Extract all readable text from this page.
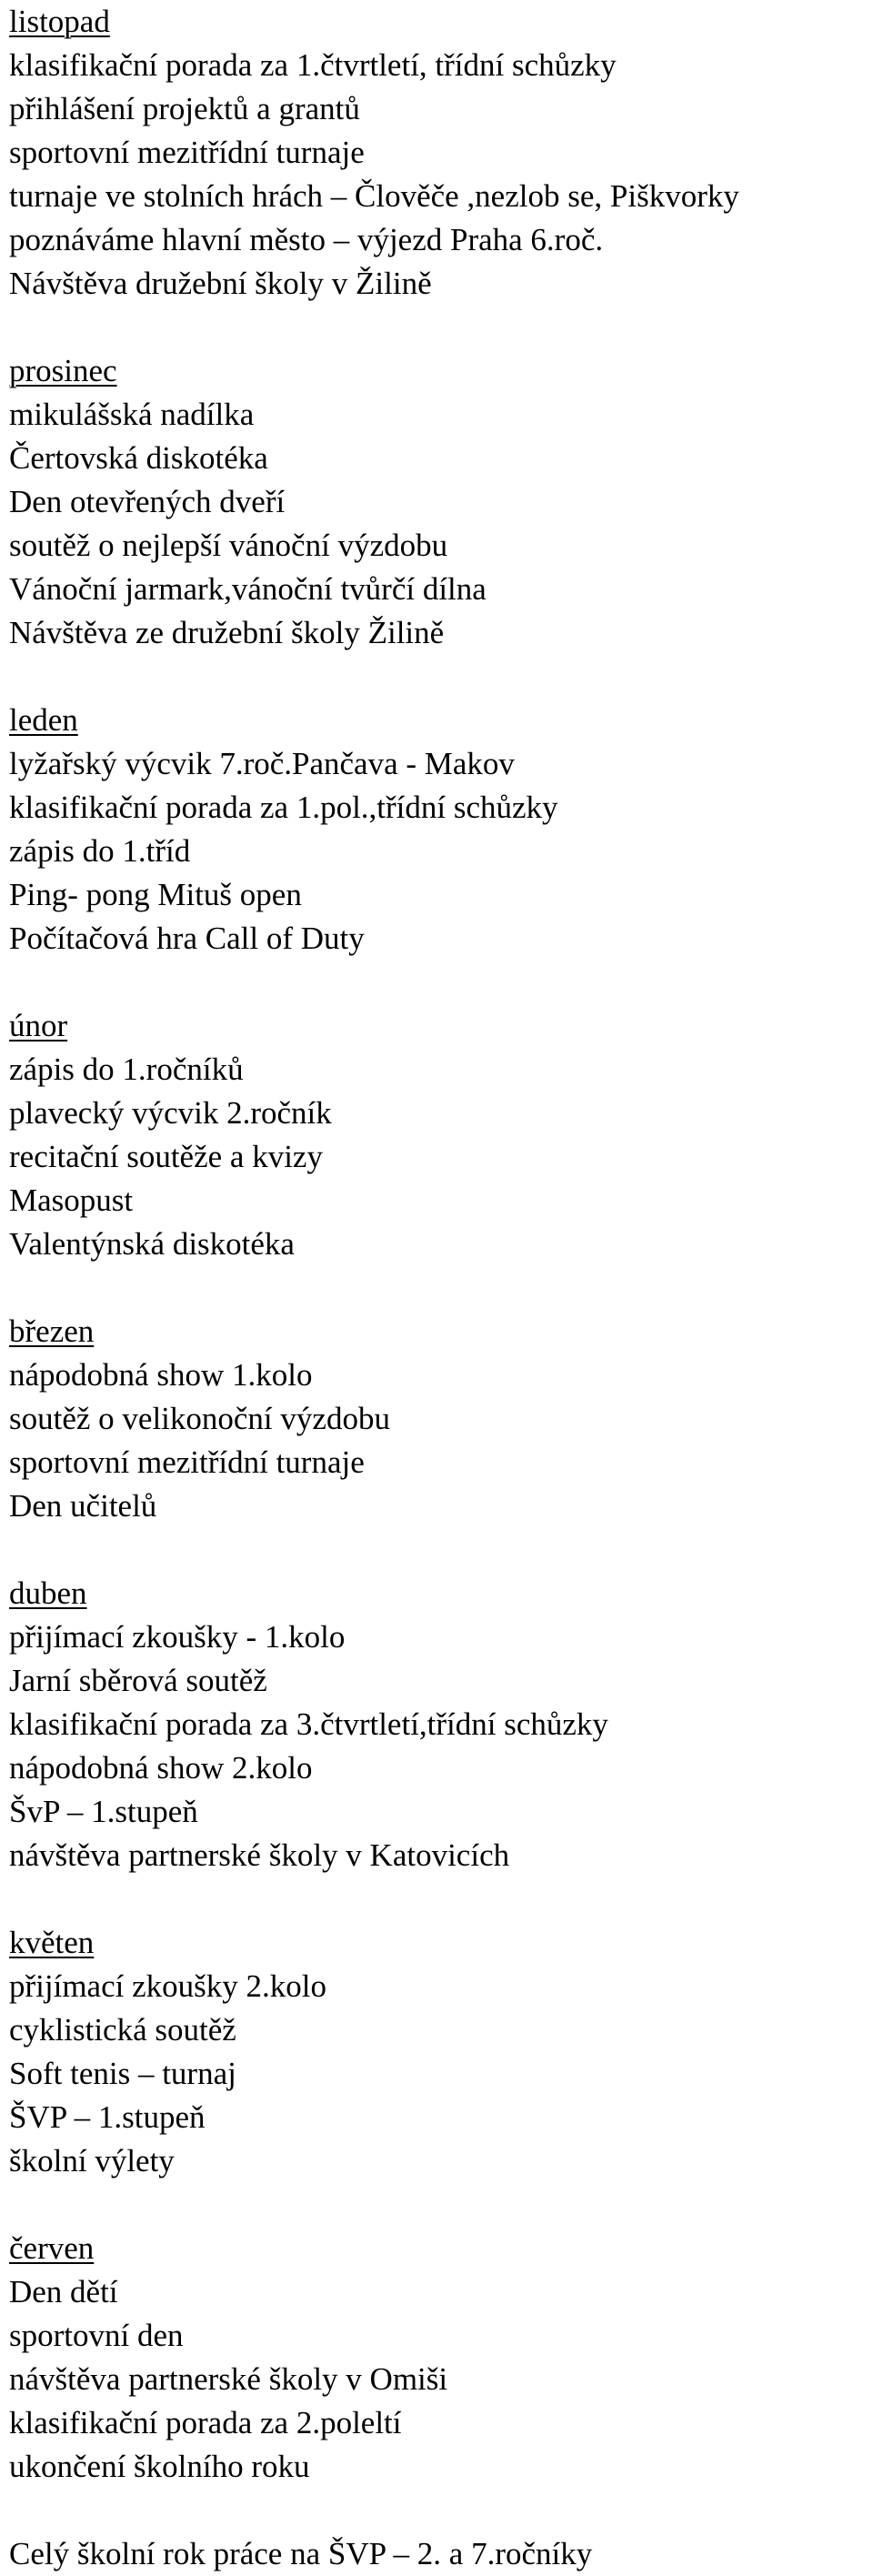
listopad
klasifikační porada za 1.čtvrtletí, třídní schůzky
přihlášení projektů a grantů
sportovní mezitřídní turnaje
turnaje ve stolních hrách – Člověče ,nezlob se, Piškvorky
poznáváme hlavní město – výjezd Praha 6.roč.
Návštěva družební školy v Žilině
prosinec
mikulášská nadílka
Čertovská diskotéka
Den otevřených dveří
soutěž o nejlepší vánoční výzdobu
Vánoční jarmark,vánoční tvůrčí dílna
Návštěva ze družební školy Žilině
leden
lyžařský výcvik 7.roč.Pančava - Makov
klasifikační porada za 1.pol.,třídní schůzky
zápis do 1.tříd
Ping- pong Mituš open
Počítačová hra Call of Duty
únor
zápis do 1.ročníků
plavecký výcvik 2.ročník
recitační soutěže a kvizy
Masopust
Valentýnská diskotéka
březen
nápodobná show 1.kolo
soutěž o velikonoční výzdobu
sportovní mezitřídní turnaje
Den učitelů
duben
přijímací zkoušky - 1.kolo
Jarní sběrová soutěž
klasifikační porada za 3.čtvrtletí,třídní schůzky
nápodobná show 2.kolo
ŠvP – 1.stupeň
návštěva partnerské školy v Katovicích
květen
přijímací zkoušky 2.kolo
cyklistická soutěž
Soft tenis – turnaj
ŠVP – 1.stupeň
školní výlety
červen
Den dětí
sportovní den
návštěva partnerské školy v Omiši
klasifikační porada za 2.poleltí
ukončení školního roku
Celý školní rok práce na ŠVP – 2. a 7.ročníky
